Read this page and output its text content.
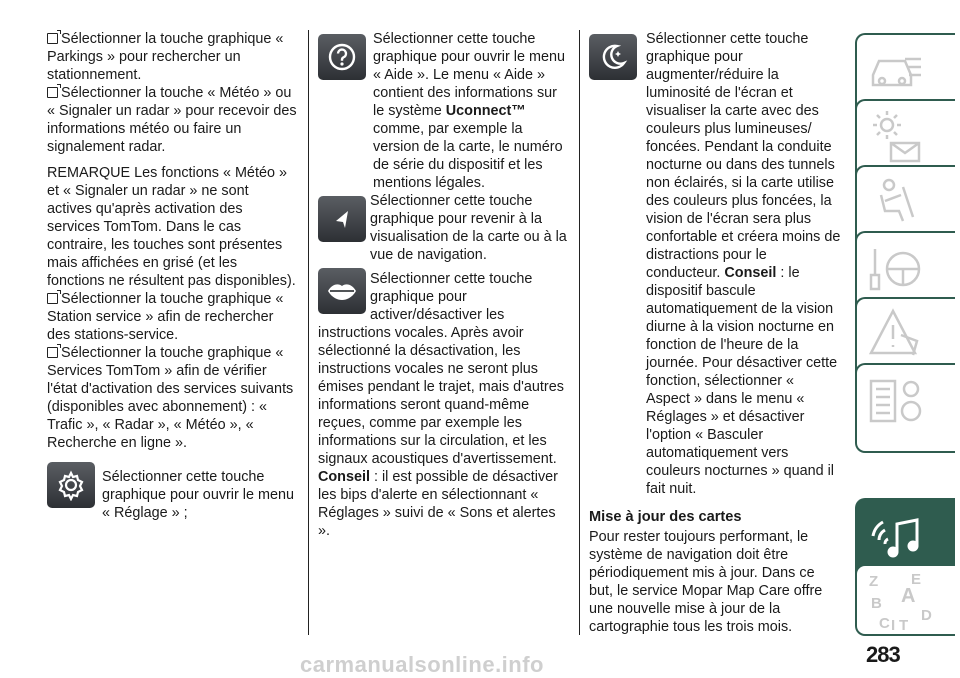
Sélectionner la touche graphique « Parkings » pour rechercher un stationnement.

Sélectionner la touche « Météo » ou « Signaler un radar » pour recevoir des informations météo ou faire un signalement radar.

REMARQUE Les fonctions « Météo » et « Signaler un radar » ne sont actives qu'après activation des services TomTom. Dans le cas contraire, les touches sont présentes mais affichées en grisé (et les fonctions ne résultent pas disponibles).

Sélectionner la touche graphique « Station service » afin de rechercher des stations-service.

Sélectionner la touche graphique « Services TomTom » afin de vérifier l'état d'activation des services suivants (disponibles avec abonnement) : « Trafic », « Radar », « Météo », « Recherche en ligne ».

Sélectionner cette touche graphique pour ouvrir le menu « Réglage » ;

Sélectionner cette touche graphique pour ouvrir le menu « Aide ». Le menu « Aide » contient des informations sur le système Uconnect™ comme, par exemple la version de la carte, le numéro de série du dispositif et les mentions légales.

Sélectionner cette touche graphique pour revenir à la visualisation de la carte ou à la vue de navigation.

Sélectionner cette touche graphique pour activer/désactiver les instructions vocales. Après avoir sélectionné la désactivation, les instructions vocales ne seront plus émises pendant le trajet, mais d'autres informations seront quand-même reçues, comme par exemple les informations sur la circulation, et les signaux acoustiques d'avertissement. Conseil : il est possible de désactiver les bips d'alerte en sélectionnant « Réglages » suivi de « Sons et alertes ».

Sélectionner cette touche graphique pour augmenter/réduire la luminosité de l'écran et visualiser la carte avec des couleurs plus lumineuses/ foncées. Pendant la conduite nocturne ou dans des tunnels non éclairés, si la carte utilise des couleurs plus foncées, la vision de l'écran sera plus confortable et créera moins de distractions pour le conducteur. Conseil : le dispositif bascule automatiquement de la vision diurne à la vision nocturne en fonction de l'heure de la journée. Pour désactiver cette fonction, sélectionner « Aspect » dans le menu « Réglages » et désactiver l'option « Basculer automatiquement vers couleurs nocturnes » quand il fait nuit.

Mise à jour des cartes

Pour rester toujours performant, le système de navigation doit être périodiquement mis à jour. Dans ce but, le service Mopar Map Care offre une nouvelle mise à jour de la cartographie tous les trois mois.

Z E
A
B
C D
I T
283
carmanualsonline.info
